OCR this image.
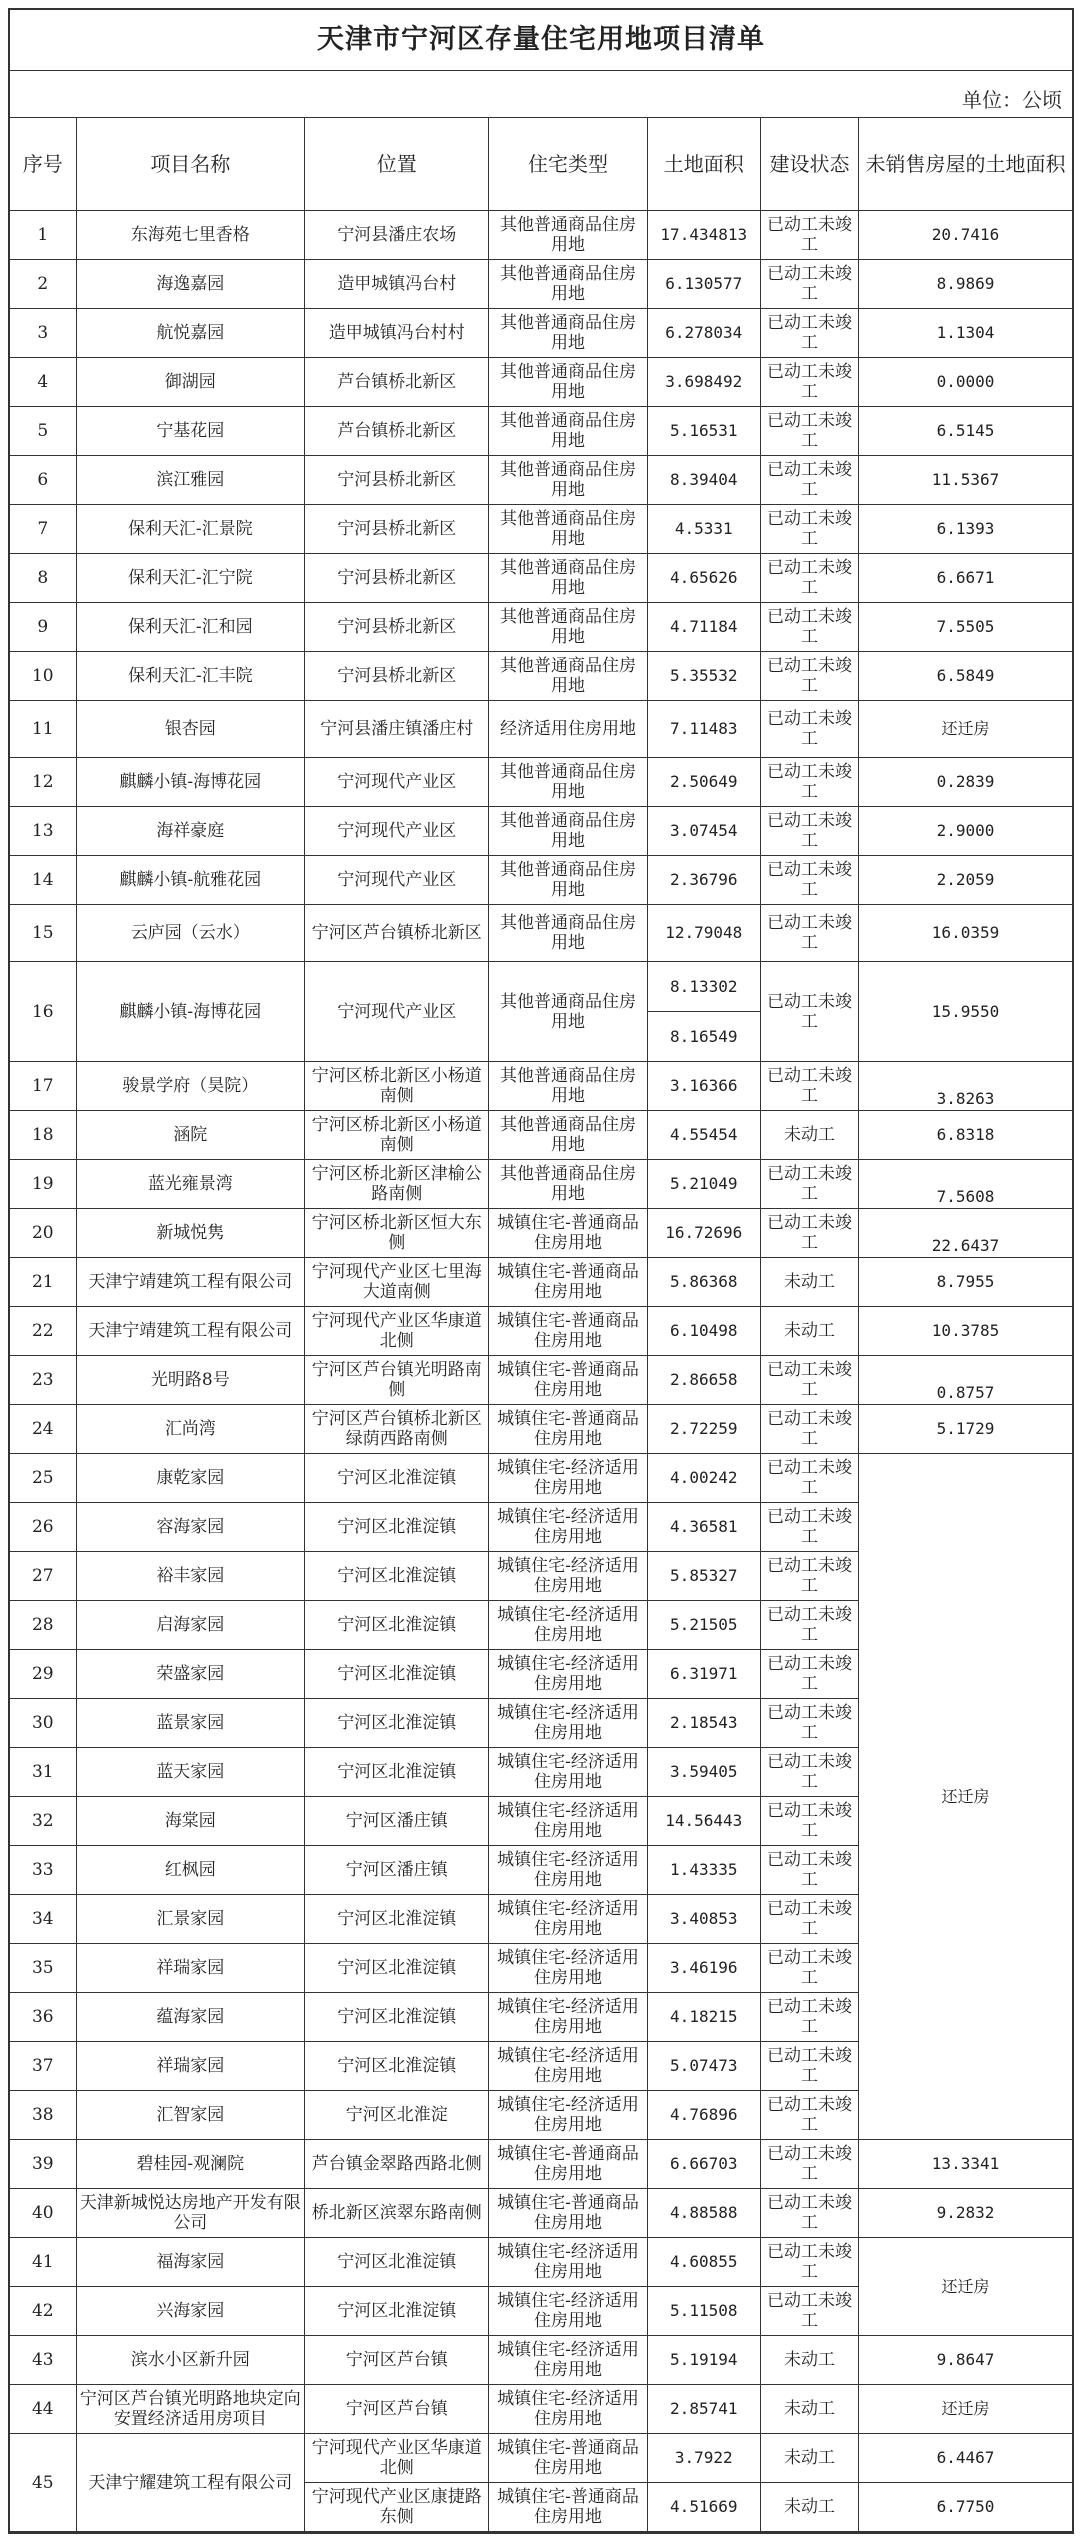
天津市宁河区存量住宅用地项目清单
单位：公顷
序号	项目名称	位置	住宅类型	土地面积	建设状态	未销售房屋的土地面积
1	东海苑七里香格	宁河县潘庄农场	其他普通商品住房用地	17.434813	已动工未竣工	20.7416
2	海逸嘉园	造甲城镇冯台村	其他普通商品住房用地	6.130577	已动工未竣工	8.9869
3	航悦嘉园	造甲城镇冯台村村	其他普通商品住房用地	6.278034	已动工未竣工	1.1304
4	御湖园	芦台镇桥北新区	其他普通商品住房用地	3.698492	已动工未竣工	0.0000
5	宁基花园	芦台镇桥北新区	其他普通商品住房用地	5.16531	已动工未竣工	6.5145
6	滨江雅园	宁河县桥北新区	其他普通商品住房用地	8.39404	已动工未竣工	11.5367
7	保利天汇-汇景院	宁河县桥北新区	其他普通商品住房用地	4.5331	已动工未竣工	6.1393
8	保利天汇-汇宁院	宁河县桥北新区	其他普通商品住房用地	4.65626	已动工未竣工	6.6671
9	保利天汇-汇和园	宁河县桥北新区	其他普通商品住房用地	4.71184	已动工未竣工	7.5505
10	保利天汇-汇丰院	宁河县桥北新区	其他普通商品住房用地	5.35532	已动工未竣工	6.5849
11	银杏园	宁河县潘庄镇潘庄村	经济适用住房用地	7.11483	已动工未竣工	还迁房
12	麒麟小镇-海博花园	宁河现代产业区	其他普通商品住房用地	2.50649	已动工未竣工	0.2839
13	海祥豪庭	宁河现代产业区	其他普通商品住房用地	3.07454	已动工未竣工	2.9000
14	麒麟小镇-航雅花园	宁河现代产业区	其他普通商品住房用地	2.36796	已动工未竣工	2.2059
15	云庐园（云水）	宁河区芦台镇桥北新区	其他普通商品住房用地	12.79048	已动工未竣工	16.0359
16	麒麟小镇-海博花园	宁河现代产业区	其他普通商品住房用地	8.13302	已动工未竣工	15.9550
				8.16549		
17	骏景学府（昊院）	宁河区桥北新区小杨道南侧	其他普通商品住房用地	3.16366	已动工未竣工	3.8263

18	涵院	宁河区桥北新区小杨道南侧	其他普通商品住房用地	4.55454	未动工	6.8318
19	蓝光雍景湾	宁河区桥北新区津榆公路南侧	其他普通商品住房用地	5.21049	已动工未竣工	7.5608

20	新城悦隽	宁河区桥北新区恒大东侧	城镇住宅-普通商品住房用地	16.72696	已动工未竣工	22.6437

21	天津宁靖建筑工程有限公司	宁河现代产业区七里海大道南侧	城镇住宅-普通商品住房用地	5.86368	未动工	8.7955
22	天津宁靖建筑工程有限公司	宁河现代产业区华康道北侧	城镇住宅-普通商品住房用地	6.10498	未动工	10.3785
23	光明路8号	宁河区芦台镇光明路南侧	城镇住宅-普通商品住房用地	2.86658	已动工未竣工	0.8757

24	汇尚湾	宁河区芦台镇桥北新区绿荫西路南侧	城镇住宅-普通商品住房用地	2.72259	已动工未竣工	5.1729
25	康乾家园	宁河区北淮淀镇	城镇住宅-经济适用住房用地	4.00242	已动工未竣工	还迁房
26	容海家园	宁河区北淮淀镇	城镇住宅-经济适用住房用地	4.36581	已动工未竣工	
27	裕丰家园	宁河区北淮淀镇	城镇住宅-经济适用住房用地	5.85327	已动工未竣工	
28	启海家园	宁河区北淮淀镇	城镇住宅-经济适用住房用地	5.21505	已动工未竣工	
29	荣盛家园	宁河区北淮淀镇	城镇住宅-经济适用住房用地	6.31971	已动工未竣工	
30	蓝景家园	宁河区北淮淀镇	城镇住宅-经济适用住房用地	2.18543	已动工未竣工	
31	蓝天家园	宁河区北淮淀镇	城镇住宅-经济适用住房用地	3.59405	已动工未竣工	
32	海棠园	宁河区潘庄镇	城镇住宅-经济适用住房用地	14.56443	已动工未竣工	
33	红枫园	宁河区潘庄镇	城镇住宅-经济适用住房用地	1.43335	已动工未竣工	
34	汇景家园	宁河区北淮淀镇	城镇住宅-经济适用住房用地	3.40853	已动工未竣工	
35	祥瑞家园	宁河区北淮淀镇	城镇住宅-经济适用住房用地	3.46196	已动工未竣工	
36	蕴海家园	宁河区北淮淀镇	城镇住宅-经济适用住房用地	4.18215	已动工未竣工	
37	祥瑞家园	宁河区北淮淀镇	城镇住宅-经济适用住房用地	5.07473	已动工未竣工	
38	汇智家园	宁河区北淮淀	城镇住宅-经济适用住房用地	4.76896	已动工未竣工	
39	碧桂园-观澜院	芦台镇金翠路西路北侧	城镇住宅-普通商品住房用地	6.66703	已动工未竣工	13.3341
40	天津新城悦达房地产开发有限公司	桥北新区滨翠东路南侧	城镇住宅-普通商品住房用地	4.88588	已动工未竣工	9.2832
41	福海家园	宁河区北淮淀镇	城镇住宅-经济适用住房用地	4.60855	已动工未竣工	还迁房
42	兴海家园	宁河区北淮淀镇	城镇住宅-经济适用住房用地	5.11508	已动工未竣工	
43	滨水小区新升园	宁河区芦台镇	城镇住宅-经济适用住房用地	5.19194	未动工	9.8647
44	宁河区芦台镇光明路地块定向安置经济适用房项目	宁河区芦台镇	城镇住宅-经济适用住房用地	2.85741	未动工	还迁房
45	天津宁耀建筑工程有限公司	宁河现代产业区华康道北侧	城镇住宅-普通商品住房用地	3.7922	未动工	6.4467
		宁河现代产业区康捷路东侧	城镇住宅-普通商品住房用地	4.51669	未动工	6.7750
